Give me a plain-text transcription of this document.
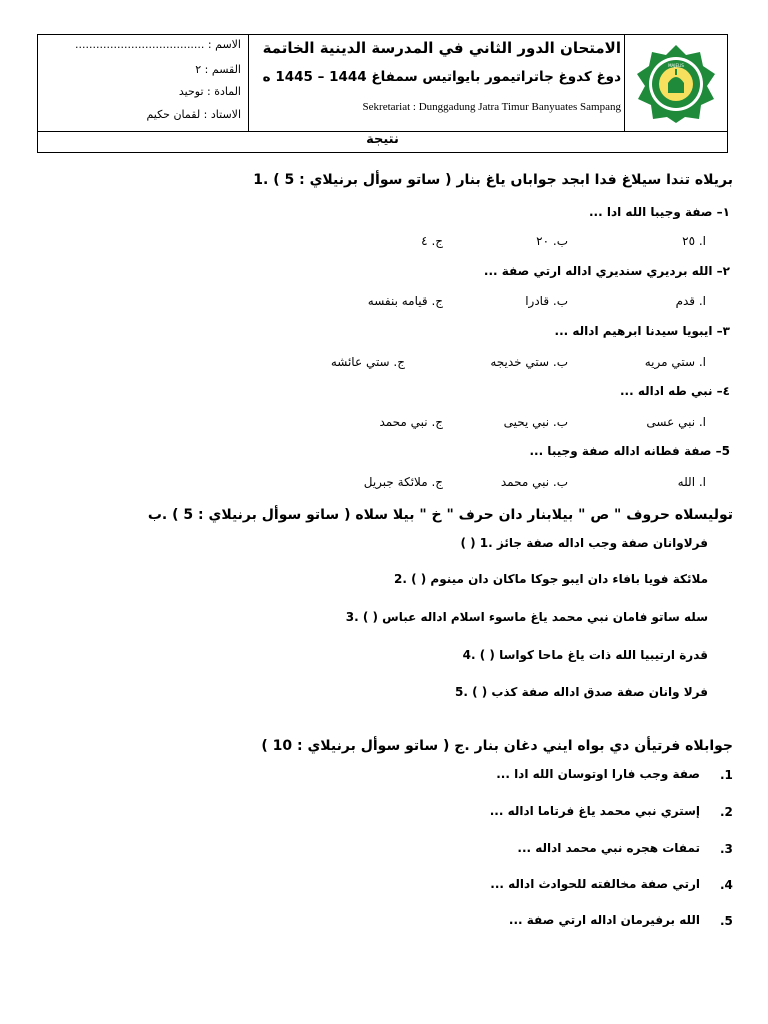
MAJELIS
الامتحان الدور الثاني في المدرسة الدينية الخاتمة
دوغ كدوغ جاتراتيمور بايواتيس سمفاغ 1444 – 1445 ه
Sekretariat : Dunggadung Jatra Timur Banyuates Sampang
الاسم : .....................................
القسم : ٢
المادة : توحيد
الاستاد : لقمان حكيم
نتيجة
بريلاه تندا سيلاغ فدا ابجد جواباں ياغ بنار ( ساتو سوأل برنيلاي : 5 ) .1
١– صفة وجيبا الله ادا ...
ا. ٢٥
ب. ٢٠
ج. ٤
٢– الله برديري سنديري اداله ارتي صفة ...
ا. قدم
ب. قادرا
ج. قيامه بنفسه
٣– ايبويا سيدنا ابرهيم اداله ...
ا. ستي مريه
ب. ستي خديجه
ج. ستي عائشه
٤– نبي طه اداله ...
ا. نبي عسى
ب. نبي يحيى
ج. نبي محمد
5– صفة فطانه اداله صفة وجيبا ...
ا. الله
ب. نبي محمد
ج. ملائكة جبريل
توليسلاه حروف " ص " بيلابنار دان حرف " خ " بيلا سلاه ( ساتو سوأل برنيلاي : 5 ) .ب
فرلاوانان صفة وجب اداله صفة جائز .1 ( )
ملائكة فويا بافاء دان ايبو جوكا ماكان دان مينوم ( ) .2
سله ساتو فامان نبي محمد ياغ ماسوء اسلام اداله عباس ( ) .3
قدرة ارتيبيا الله ذات ياغ ماحا كواسا ( ) .4
فرلا وانان صفة صدق اداله صفة كذب ( ) .5
جوابلاه فرتيأن دي بواه ايني دغان بنار .ج ( ساتو سوأل برنيلاي : 10 )
.1
صفة وجب فارا اوتوسان الله ادا ...
.2
إستري نبي محمد ياغ فرتاما اداله ...
.3
تمفات هجره نبي محمد اداله ...
.4
ارتي صفة مخالفته للحوادث اداله ...
.5
الله برفيرمان اداله ارتي صفة ...
